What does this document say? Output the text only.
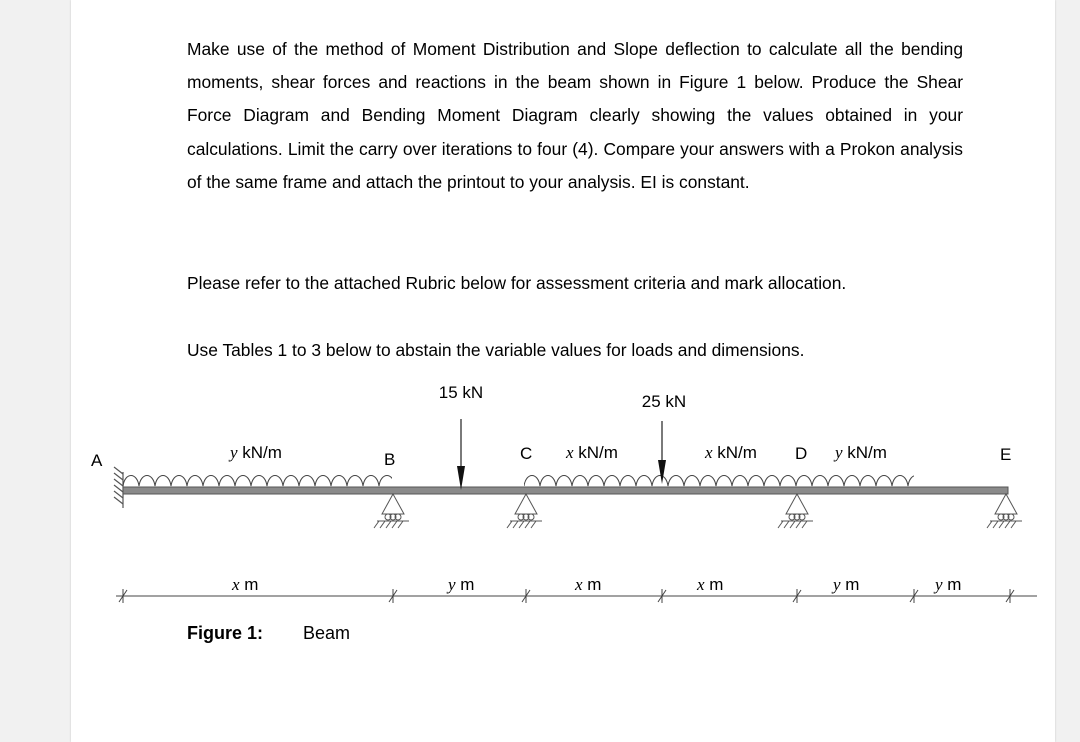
Make use of the method of Moment Distribution and Slope deflection to calculate all the bending moments, shear forces and reactions in the beam shown in Figure 1 below. Produce the Shear Force Diagram and Bending Moment Diagram clearly showing the values obtained in your calculations. Limit the carry over iterations to four (4). Compare your answers with a Prokon analysis of the same frame and attach the printout to your analysis. EI is constant.

Please refer to the attached Rubric below for assessment criteria and mark allocation.

Use Tables 1 to 3 below to abstain the variable values for loads and dimensions.

15 kN	25 kN
A	B	C	D	E
y kN/m	x kN/m	x kN/m	y kN/m
x m	y m	x m	x m	y m	y m
Figure 1: Beam
